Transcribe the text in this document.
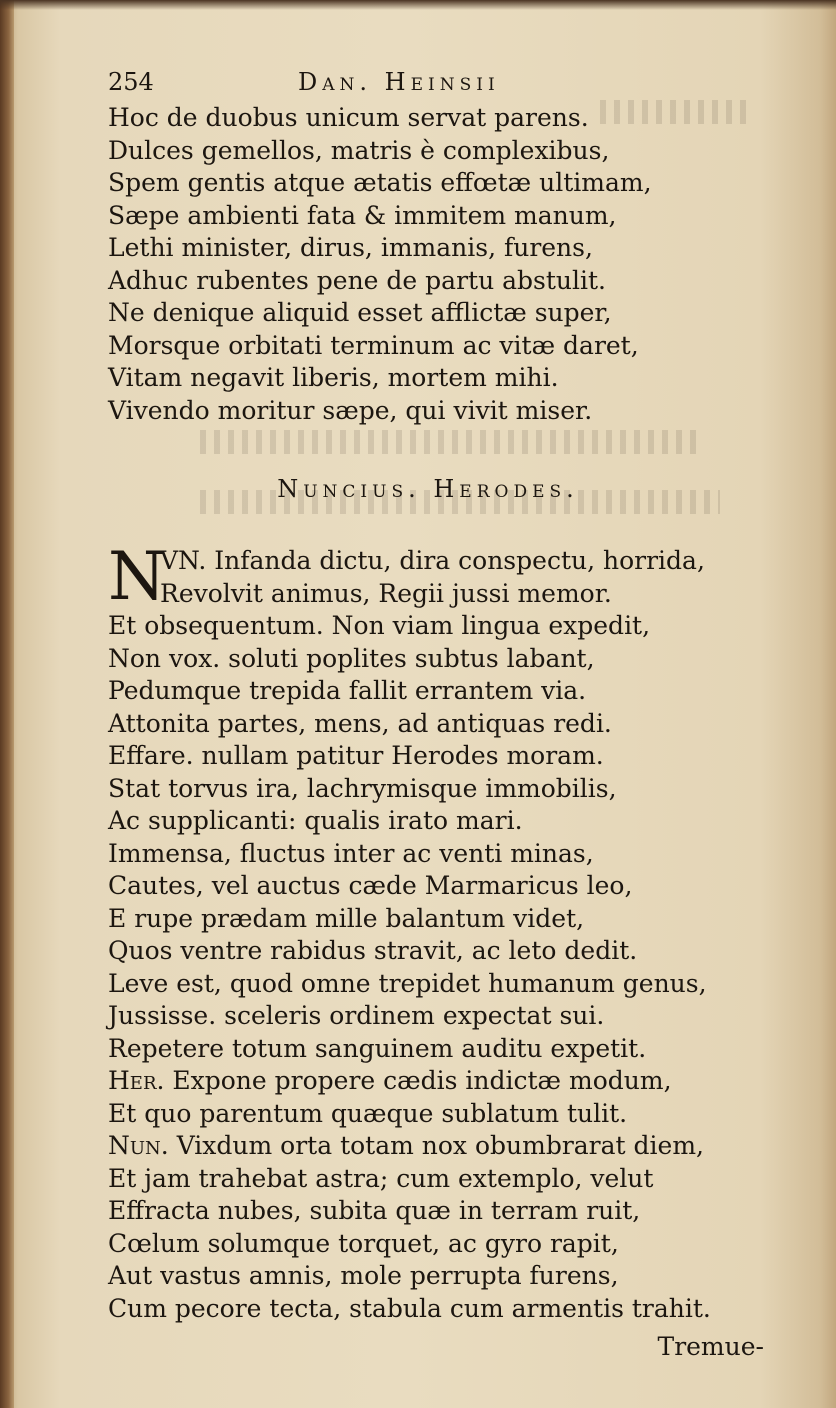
254	Dan. Heinsii
Hoc de duobus unicum servat parens.
Dulces gemellos, matris è complexibus,
Spem gentis atque ætatis effœtæ ultimam,
Sæpe ambienti fata & immitem manum,
Lethi minister, dirus, immanis, furens,
Adhuc rubentes pene de partu abstulit.
Ne denique aliquid esset afflictæ super,
Morsque orbitati terminum ac vitæ daret,
Vitam negavit liberis, mortem mihi.
Vivendo moritur sæpe, qui vivit miser.
Nuncius. Herodes.
N
VN. Infanda dictu, dira conspectu, horrida,
Revolvit animus, Regii jussi memor.
Et obsequentum. Non viam lingua expedit,
Non vox. soluti poplites subtus labant,
Pedumque trepida fallit errantem via.
Attonita partes, mens, ad antiquas redi.
Effare. nullam patitur Herodes moram.
Stat torvus ira, lachrymisque immobilis,
Ac supplicanti: qualis irato mari.
Immensa, fluctus inter ac venti minas,
Cautes, vel auctus cæde Marmaricus leo,
E rupe prædam mille balantum videt,
Quos ventre rabidus stravit, ac leto dedit.
Leve est, quod omne trepidet humanum genus,
Jussisse. sceleris ordinem expectat sui.
Repetere totum sanguinem auditu expetit.
Her. Expone propere cædis indictæ modum,
Et quo parentum quæque sublatum tulit.
Nun. Vixdum orta totam nox obumbrarat diem,
Et jam trahebat astra; cum extemplo, velut
Effracta nubes, subita quæ in terram ruit,
Cœlum solumque torquet, ac gyro rapit,
Aut vastus amnis, mole perrupta furens,
Cum pecore tecta, stabula cum armentis trahit.
Tremue-
